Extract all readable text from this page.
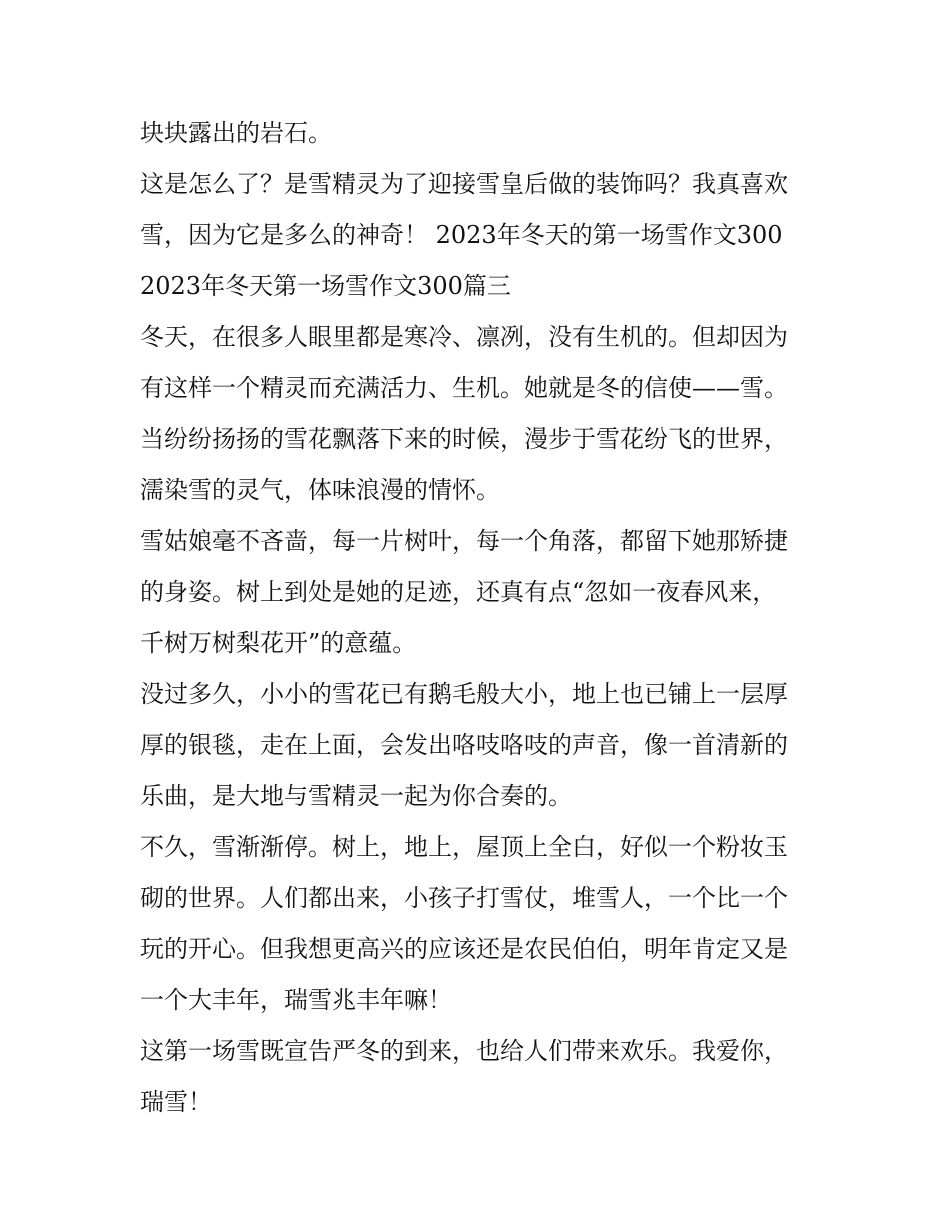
块块露出的岩石。
这是怎么了？是雪精灵为了迎接雪皇后做的装饰吗？我真喜欢
雪，因为它是多么的神奇！ 2023年冬天的第一场雪作文300
2023年冬天第一场雪作文300篇三
冬天，在很多人眼里都是寒冷、凛冽，没有生机的。但却因为
有这样一个精灵而充满活力、生机。她就是冬的信使——雪。
当纷纷扬扬的雪花飘落下来的时候，漫步于雪花纷飞的世界，
濡染雪的灵气，体味浪漫的情怀。
雪姑娘毫不吝啬，每一片树叶，每一个角落，都留下她那矫捷
的身姿。树上到处是她的足迹，还真有点“忽如一夜春风来，
千树万树梨花开”的意蕴。
没过多久，小小的雪花已有鹅毛般大小，地上也已铺上一层厚
厚的银毯，走在上面，会发出咯吱咯吱的声音，像一首清新的
乐曲，是大地与雪精灵一起为你合奏的。
不久，雪渐渐停。树上，地上，屋顶上全白，好似一个粉妆玉
砌的世界。人们都出来，小孩子打雪仗，堆雪人，一个比一个
玩的开心。但我想更高兴的应该还是农民伯伯，明年肯定又是
一个大丰年，瑞雪兆丰年嘛！
这第一场雪既宣告严冬的到来，也给人们带来欢乐。我爱你，
瑞雪！
